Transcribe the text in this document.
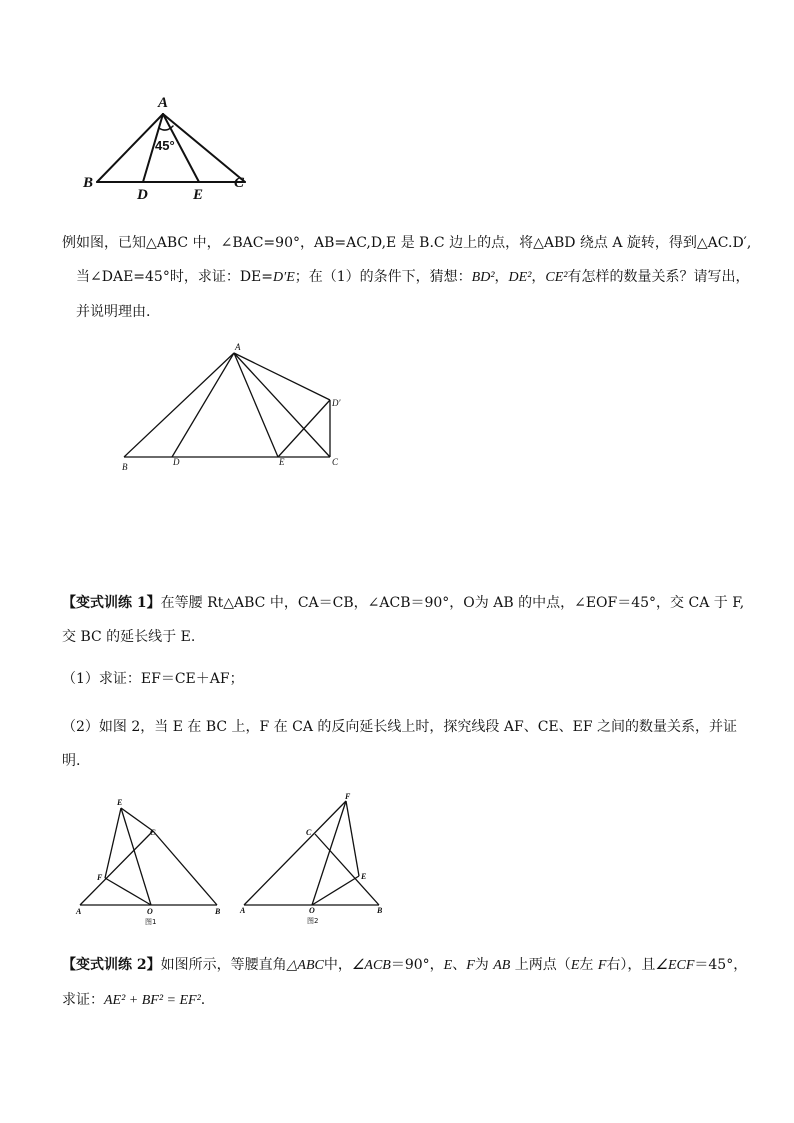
A
B	C
D	E
45°
例如图，已知△ABC 中，∠BAC=90°，AB=AC,D,E 是 B.C 边上的点，将△ABD 绕点 A 旋转，得到△AC.D′,
当∠DAE=45°时，求证：DE=D′E；在（1）的条件下，猜想：BD²，DE²，CE²有怎样的数量关系？请写出，
并说明理由.
A
B	C
D	E
D′
【变式训练 1】在等腰 Rt△ABC 中，CA＝CB，∠ACB＝90°，O为 AB 的中点，∠EOF＝45°，交 CA 于 F,
交 BC 的延长线于 E.
（1）求证：EF＝CE＋AF；
（2）如图 2，当 E 在 BC 上，F 在 CA 的反向延长线上时，探究线段 AF、CE、EF 之间的数量关系，并证
明.
E
C
F
A	O	B
图1
F
C
E
A	O	B
图2
【变式训练 2】如图所示，等腰直角△ABC中，∠ACB＝90°，E、F为 AB 上两点（E左 F右），且∠ECF＝45°，
求证：AE² + BF² = EF².
